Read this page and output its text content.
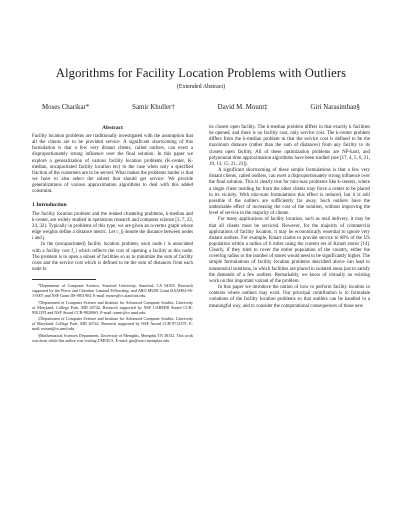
Algorithms for Facility Location Problems with Outliers
(Extended Abstract)
Moses Charikar*	Samir Khuller†	David M. Mount‡	Giri Narasimhan§
Abstract

Facility location problems are traditionally investigated with the assumption that all the clients are to be provided service. A significant shortcoming of this formulation is that a few very distant clients, called outliers, can exert a disproportionately strong influence over the final solution. In this paper we explore a generalization of various facility location problems (K-center, K-median, uncapacitated facility location etc) to the case when only a specified fraction of the customers are to be served. What makes the problems harder is that we have to also select the subset that should get service. We provide generalizations of various approximation algorithms to deal with this added constraint.

1 Introduction

The facility location problem and the related clustering problems, k-median and k-center, are widely studied in operations research and computer science [3, 7, 22, 24, 32]. Typically in problems of this type, we are given an n-vertex graph whose edge weights define a distance metric. Let c_ij denote the distance between nodes i and j.

In the (uncapacitated) facility location problem, each node i is associated with a facility cost f_i which reflects the cost of opening a facility at this node. The problem is to open a subset of facilities so as to minimize the sum of facility costs and the service cost which is defined to be the sum of distances from each node to

*Department of Computer Science, Stanford University, Stanford, CA 94305. Research supported by the Pierre and Christine Lamond Fellowship, and ARO MURI Grant DAAH04-96-1-0007 and NSF Grant IIS-9811904. E-mail: moses@cs.stanford.edu.

†Department of Computer Science and Institute for Advanced Computer Studies, University of Maryland, College Park, MD 20742. Research supported by NSF CAREER Award CCR-9501355 and NSF Award CCR-9820965. E-mail: samir@cs.umd.edu.

‡Department of Computer Science and Institute for Advanced Computer Studies, University of Maryland, College Park, MD 20742. Research supported by NSF Award CCR-9712379. E-mail: mount@cs.umd.edu.

§Mathematical Sciences Department, University of Memphis, Memphis TN 38152. This work was done while this author was visiting UMIACS. E-mail: giri@msci.memphis.edu.

its closest open facility. The k-median problem differs in that exactly k facilities be opened, and there is no facility cost, only service cost. The k-center problem differs from the k-median problem in that the service cost is defined to be the maximum distance (rather than the sum of distances) from any facility to its closest open facility. All of these optimization problems are NP-hard, and polynomial time approximation algorithms have been studied (see [17, 4, 5, 6, 21, 19, 13, 15, 21, 23]).

A significant shortcoming of these simple formulations is that a few very distant clients, called outliers, can exert a disproportionately strong influence over the final solution. This is clearly true for min-max problems like k-centers, where a single client residing far from the other clients may force a center to be placed in its vicinity. With min-sum formulations this effect is reduced, but it is still possible if the outliers are sufficiently far away. Such outliers have the undesirable effect of increasing the cost of the solution, without improving the level of service to the majority of clients.

For many applications of facility location, such as mail delivery, it may be that all clients must be serviced. However, for the majority of commercial applications of facility location, it may be economically essential to ignore very distant outliers. For example, Kmart claims to provide service to 88% of the US population within a radius of 6 miles using the current set of Kmart stores [14]. Clearly, if they tried to cover the entire population of the country, either the covering radius or the number of stores would need to be significantly higher. The simple formulations of facility location problems described above can lead to nonsensical solutions, in which facilities are placed in isolated areas just to satisfy the demands of a few outliers. Remarkably, we know of virtually no existing work on this important variant of the problem.

In this paper we introduce the notion of how to perform facility location in contexts where outliers may exist. Our principal contribution is to formulate variations of the facility location problems so that outliers can be handled in a meaningful way, and to consider the computational consequences of these new
